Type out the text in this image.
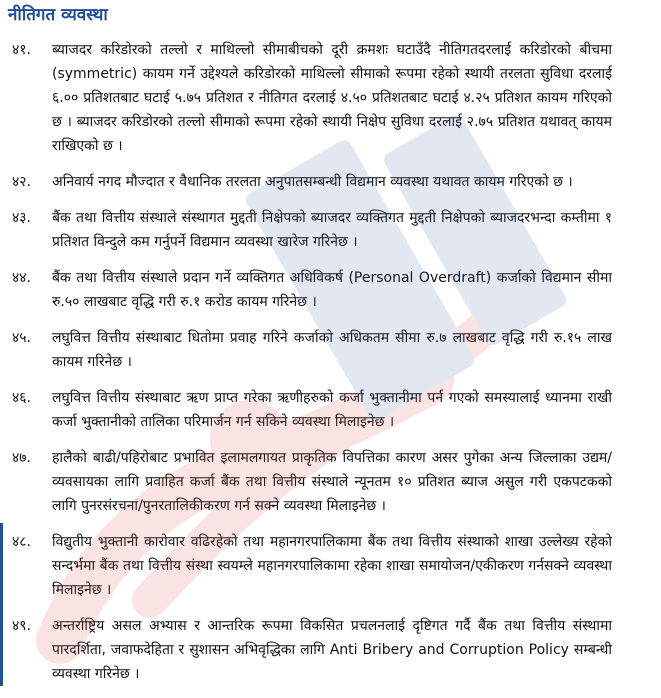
नीतिगत व्यवस्था
४१.	ब्याजदर करिडोरको तल्लो र माथिल्लो सीमाबीचको दूरी क्रमशः घटाउँदै नीतिगतदरलाई करिडोरको बीचमा (symmetric) कायम गर्ने उद्देश्यले करिडोरको माथिल्लो सीमाको रूपमा रहेको स्थायी तरलता सुविधा दरलाई ६.०० प्रतिशतबाट घटाई ५.७५ प्रतिशत र नीतिगत दरलाई ४.५० प्रतिशतबाट घटाई ४.२५ प्रतिशत कायम गरिएको छ । ब्याजदर करिडोरको तल्लो सीमाको रूपमा रहेको स्थायी निक्षेप सुविधा दरलाई २.७५ प्रतिशत यथावत् कायम राखिएको छ ।
४२.	अनिवार्य नगद मौज्दात र वैधानिक तरलता अनुपातसम्बन्धी विद्यमान व्यवस्था यथावत कायम गरिएको छ ।
४३.	बैंक तथा वित्तीय संस्थाले संस्थागत मुद्दती निक्षेपको ब्याजदर व्यक्तिगत मुद्दती निक्षेपको ब्याजदरभन्दा कम्तीमा १ प्रतिशत विन्दुले कम गर्नुपर्ने विद्यमान व्यवस्था खारेज गरिनेछ ।
४४.	बैंक तथा वित्तीय संस्थाले प्रदान गर्ने व्यक्तिगत अधिविकर्ष (Personal Overdraft) कर्जाको विद्यमान सीमा रु.५० लाखबाट वृद्धि गरी रु.१ करोड कायम गरिनेछ ।
४५.	लघुवित्त वित्तीय संस्थाबाट धितोमा प्रवाह गरिने कर्जाको अधिकतम सीमा रु.७ लाखबाट वृद्धि गरी रु.१५ लाख कायम गरिनेछ ।
४६.	लघुवित्त वित्तीय संस्थाबाट ऋण प्राप्त गरेका ऋणीहरुको कर्जा भुक्तानीमा पर्न गएको समस्यालाई ध्यानमा राखी कर्जा भुक्तानीको तालिका परिमार्जन गर्न सकिने व्यवस्था मिलाइनेछ ।
४७.	हालैको बाढी/पहिरोबाट प्रभावित इलामलगायत प्राकृतिक विपत्तिका कारण असर पुगेका अन्य जिल्लाका उद्यम/व्यवसायका लागि प्रवाहित कर्जा बैंक तथा वित्तीय संस्थाले न्यूनतम १० प्रतिशत ब्याज असुल गरी एकपटकको लागि पुनरसंरचना/पुनरतालिकीकरण गर्न सक्ने व्यवस्था मिलाइनेछ ।
४८.	विद्युतीय भुक्तानी कारोवार वढिरहेको तथा महानगरपालिकामा बैंक तथा वित्तीय संस्थाको शाखा उल्लेख्य रहेको सन्दर्भमा बैंक तथा वित्तीय संस्था स्वयम्ले महानगरपालिकामा रहेका शाखा समायोजन/एकीकरण गर्नसक्ने व्यवस्था मिलाइनेछ ।
४९.	अन्तर्राष्ट्रिय असल अभ्यास र आन्तरिक रूपमा विकसित प्रचलनलाई दृष्टिगत गर्दै बैंक तथा वित्तीय संस्थामा पारदर्शिता, जवाफदेहिता र सुशासन अभिवृद्धिका लागि Anti Bribery and Corruption Policy सम्बन्धी व्यवस्था गरिनेछ ।
